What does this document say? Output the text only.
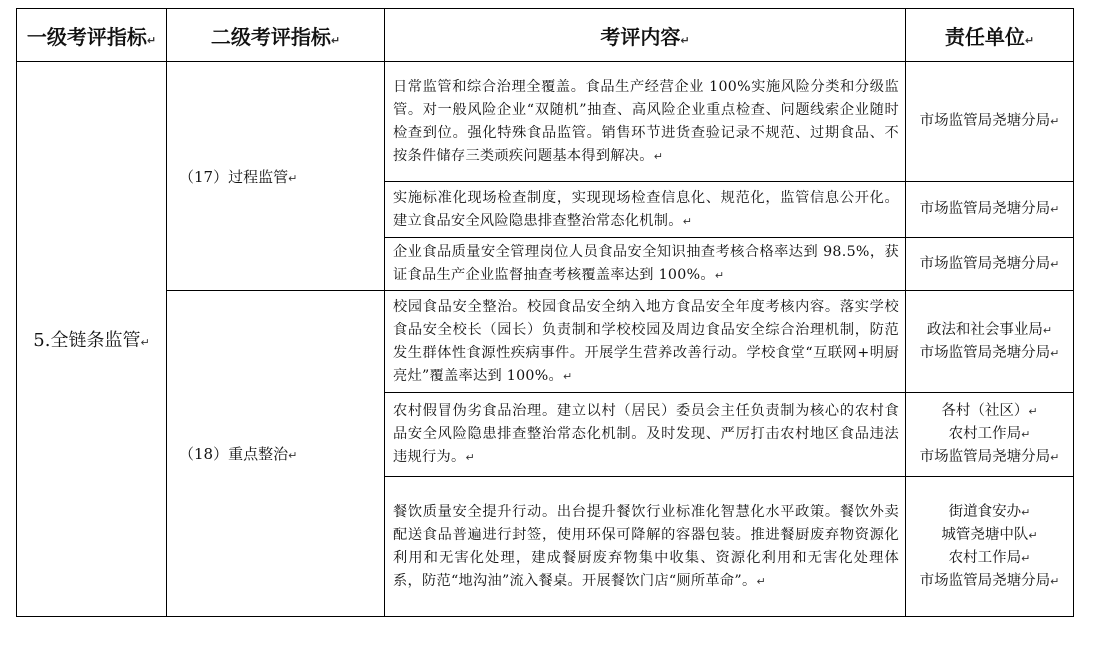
一级考评指标↵	二级考评指标↵	考评内容↵	责任单位↵
5.全链条监管↵	（17）过程监管↵	日常监管和综合治理全覆盖。食品生产经营企业 100%实施风险分类和分级监管。对一般风险企业“双随机”抽查、高风险企业重点检查、问题线索企业随时检查到位。强化特殊食品监管。销售环节进货查验记录不规范、过期食品、不按条件储存三类顽疾问题基本得到解决。↵	市场监管局尧塘分局↵

		实施标准化现场检查制度，实现现场检查信息化、规范化，监管信息公开化。建立食品安全风险隐患排查整治常态化机制。↵	市场监管局尧塘分局↵

		企业食品质量安全管理岗位人员食品安全知识抽查考核合格率达到 98.5%，获证食品生产企业监督抽查考核覆盖率达到 100%。↵	市场监管局尧塘分局↵

	（18）重点整治↵	校园食品安全整治。校园食品安全纳入地方食品安全年度考核内容。落实学校食品安全校长（园长）负责制和学校校园及周边食品安全综合治理机制，防范发生群体性食源性疾病事件。开展学生营养改善行动。学校食堂“互联网+明厨亮灶”覆盖率达到 100%。↵	政法和社会事业局↵
市场监管局尧塘分局↵

		农村假冒伪劣食品治理。建立以村（居民）委员会主任负责制为核心的农村食品安全风险隐患排查整治常态化机制。及时发现、严厉打击农村地区食品违法违规行为。↵	各村（社区）↵
农村工作局↵
市场监管局尧塘分局↵

		餐饮质量安全提升行动。出台提升餐饮行业标准化智慧化水平政策。餐饮外卖配送食品普遍进行封签，使用环保可降解的容器包装。推进餐厨废弃物资源化利用和无害化处理，建成餐厨废弃物集中收集、资源化利用和无害化处理体系，防范“地沟油”流入餐桌。开展餐饮门店“厕所革命”。↵	街道食安办↵
城管尧塘中队↵
农村工作局↵
市场监管局尧塘分局↵
